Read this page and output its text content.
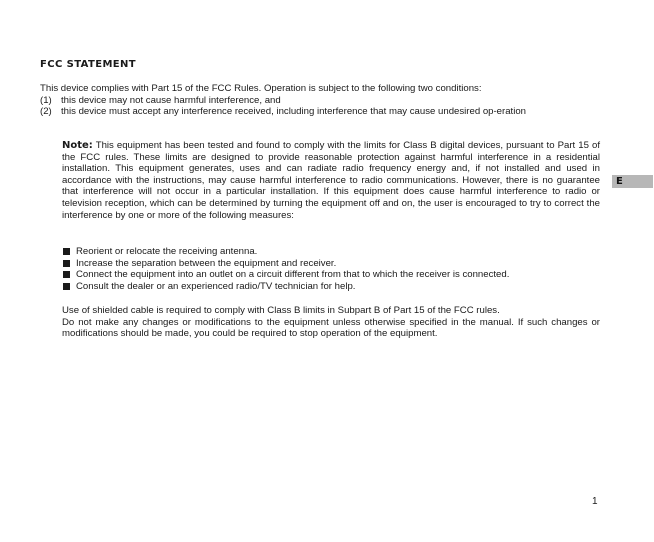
FCC STATEMENT
This device complies with Part 15 of the FCC Rules. Operation is subject to the following two conditions:
(1) this device may not cause harmful interference, and
(2) this device must accept any interference received, including interference that may cause undesired op-eration
Note: This equipment has been tested and found to comply with the limits for Class B digital devices, pursuant to Part 15 of the FCC rules. These limits are designed to provide reasonable protection against harmful interference in a residential installation. This equipment generates, uses and can radiate radio frequency energy and, if not installed and used in accordance with the instructions, may cause harmful interference to radio communications. However, there is no guarantee that interference will not occur in a particular installation. If this equipment does cause harmful interference to radio or television reception, which can be determined by turning the equipment off and on, the user is encouraged to try to correct the interference by one or more of the following measures:
Reorient or relocate the receiving antenna.
Increase the separation between the equipment and receiver.
Connect the equipment into an outlet on a circuit different from that to which the receiver is connected.
Consult the dealer or an experienced radio/TV technician for help.

Use of shielded cable is required to comply with Class B limits in Subpart B of Part 15 of the FCC rules.

Do not make any changes or modifications to the equipment unless otherwise specified in the manual. If such changes or modifications should be made, you could be required to stop operation of the equipment.

E
1
